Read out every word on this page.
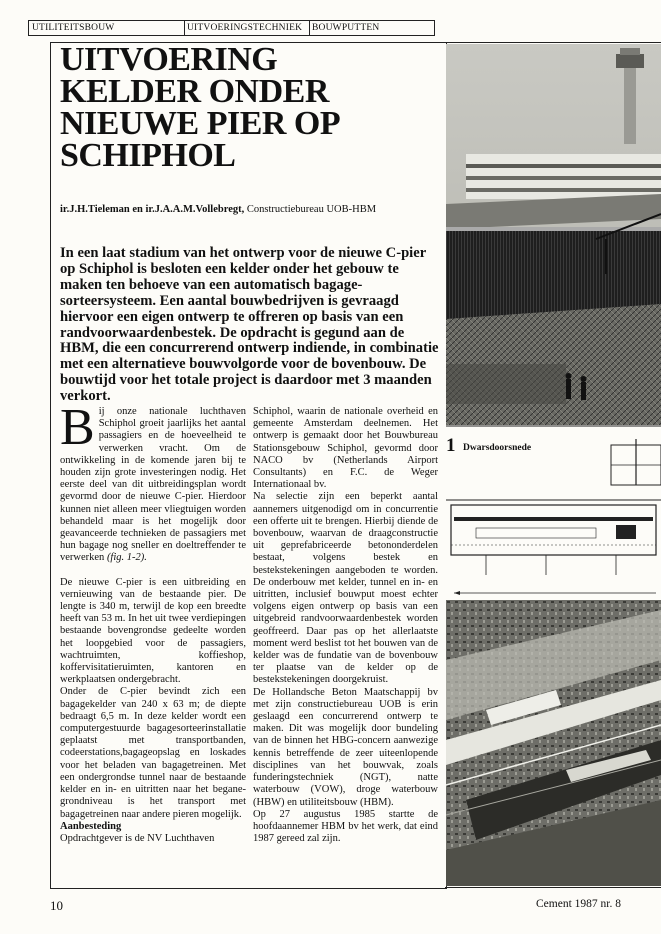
UTILITEITSBOUW	UITVOERINGSTECHNIEK	BOUWPUTTEN
UITVOERING
KELDER ONDER
NIEUWE PIER OP
SCHIPHOL
ir.J.H.Tieleman en ir.J.A.A.M.Vollebregt, Constructiebureau UOB-HBM

In een laat stadium van het ontwerp voor de nieuwe C-pier op Schiphol is besloten een kelder onder het gebouw te maken ten behoeve van een automatisch bagage-sorteersysteem. Een aantal bouwbedrijven is gevraagd hiervoor een eigen ontwerp te offreren op basis van een randvoorwaardenbestek. De opdracht is gegund aan de HBM, die een concurrerend ontwerp indiende, in combinatie met een alternatieve bouwvolgorde voor de bovenbouw. De bouwtijd voor het totale project is daardoor met 3 maanden verkort.

Bij onze nationale luchthaven Schiphol groeit jaarlijks het aantal passagiers en de hoeveelheid te verwerken vracht. Om de ontwikkeling in de komende jaren bij te houden zijn grote investeringen nodig. Het eerste deel van dit uitbreidingsplan wordt gevormd door de nieuwe C-pier. Hierdoor kunnen niet alleen meer vliegtuigen worden behandeld maar is het mogelijk door geavanceerde technieken de passagiers met hun bagage nog sneller en doeltreffender te verwerken (fig. 1-2).

De nieuwe C-pier is een uitbreiding en vernieuwing van de bestaande pier. De lengte is 340 m, terwijl de kop een breedte heeft van 53 m. In het uit twee verdiepingen bestaande bovengrondse gedeelte worden het loopgebied voor de passagiers, wachtruimten, koffieshop, koffervisitatieruimten, kantoren en werkplaatsen ondergebracht.

Onder de C-pier bevindt zich een bagagekelder van 240 x 63 m; de diepte bedraagt 6,5 m. In deze kelder wordt een computergestuurde bagagesorteerinstallatie geplaatst met transportbanden, codeerstations,bagageopslag en loskades voor het beladen van bagagetreinen. Met een ondergrondse tunnel naar de bestaande kelder en in- en uitritten naar het begane-grondniveau is het transport met bagagetreinen naar andere pieren mogelijk.

Aanbesteding

Opdrachtgever is de NV Luchthaven

Schiphol, waarin de nationale overheid en gemeente Amsterdam deelnemen. Het ontwerp is gemaakt door het Bouwbureau Stationsgebouw Schiphol, gevormd door NACO bv (Netherlands Airport Consultants) en F.C. de Weger Internationaal bv.

Na selectie zijn een beperkt aantal aannemers uitgenodigd om in concurrentie een offerte uit te brengen. Hierbij diende de bovenbouw, waarvan de draagconstructie uit geprefabriceerde betononderdelen bestaat, volgens bestek en bestekstekeningen aangeboden te worden. De onderbouw met kelder, tunnel en in- en uitritten, inclusief bouwput moest echter volgens eigen ontwerp op basis van een uitgebreid randvoorwaardenbestek worden geoffreerd. Daar pas op het allerlaatste moment werd beslist tot het bouwen van de kelder was de fundatie van de bovenbouw ter plaatse van de kelder op de bestekstekeningen doorgekruist.

De Hollandsche Beton Maatschappij bv met zijn constructiebureau UOB is erin geslaagd een concurrerend ontwerp te maken. Dit was mogelijk door bundeling van de binnen het HBG-concern aanwezige kennis betreffende de zeer uiteenlopende disciplines van het bouwvak, zoals funderingstechniek (NGT), natte waterbouw (VOW), droge waterbouw (HBW) en utiliteitsbouw (HBM).

Op 27 augustus 1985 startte de hoofdaannemer HBM bv het werk, dat eind 1987 gereed zal zijn.

1 Dwarsdoorsnede
10	Cement 1987 nr. 8
